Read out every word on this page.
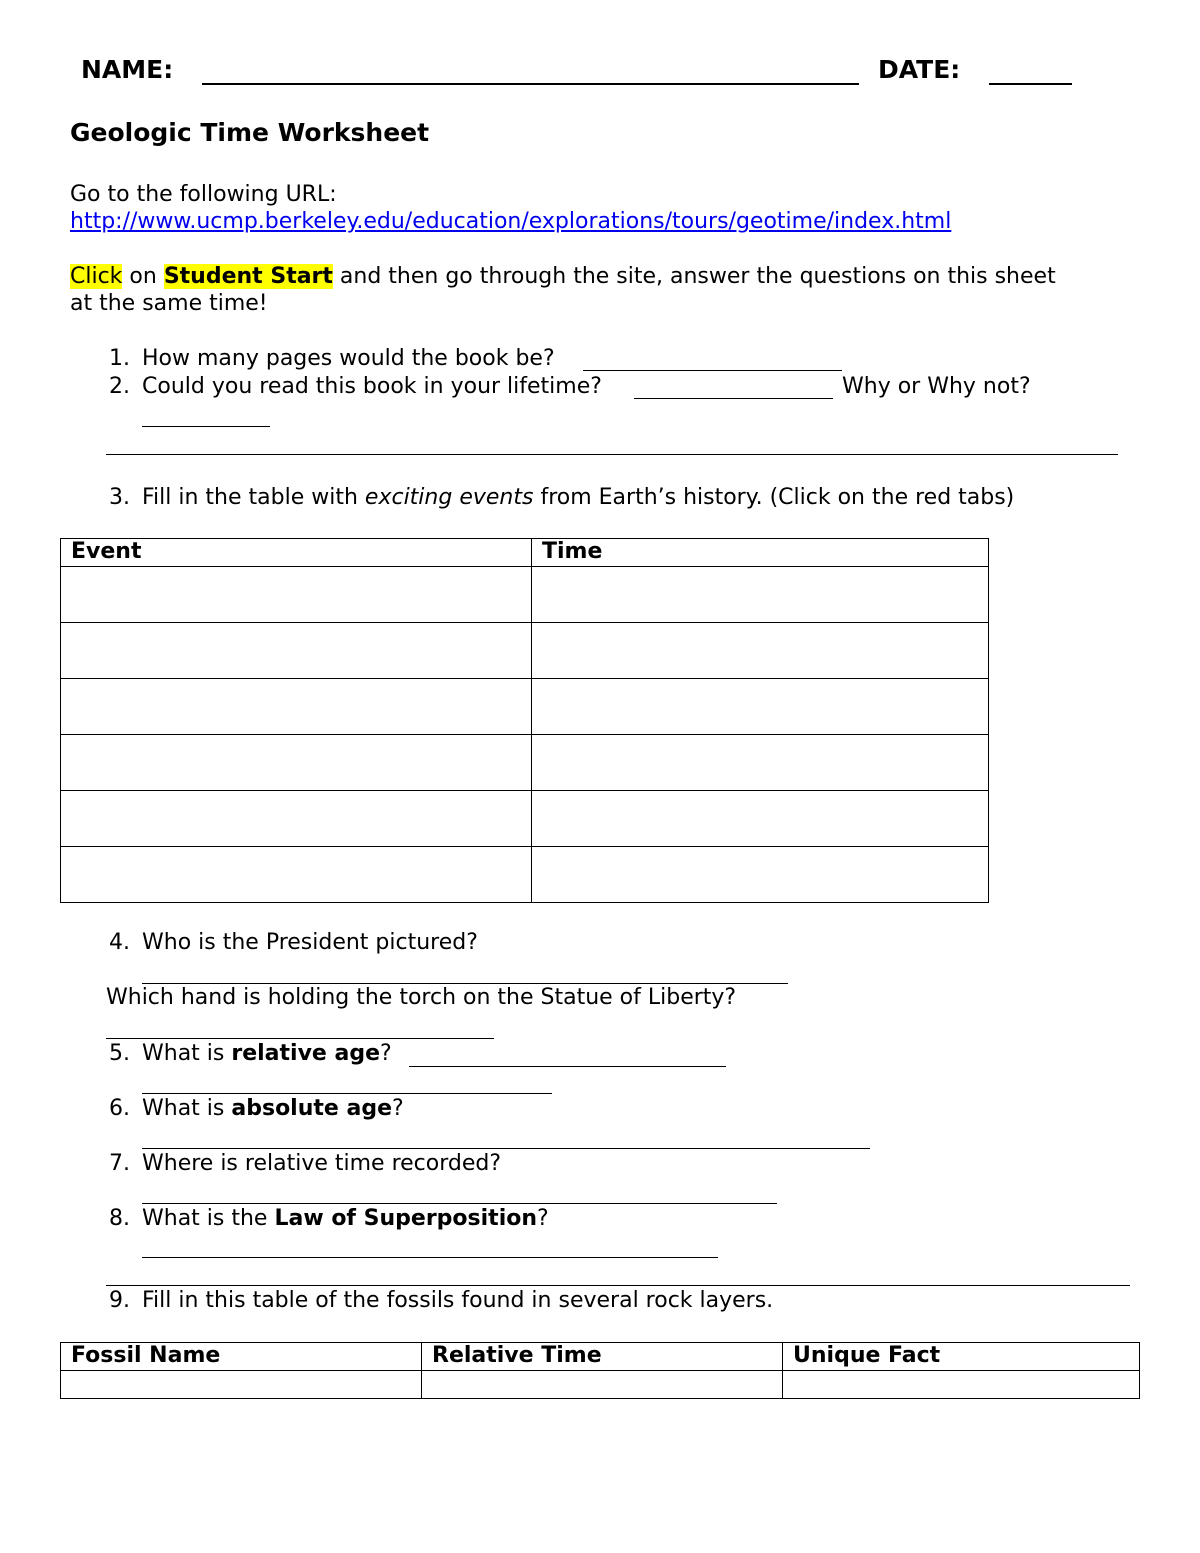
NAME:	DATE:
Geologic Time Worksheet
Go to the following URL:
http://www.ucmp.berkeley.edu/education/explorations/tours/geotime/index.html
Click on Student Start and then go through the site, answer the questions on this sheet
at the same time!
1. How many pages would the book be?
2. Could you read this book in your lifetime?	Why or Why not?
3. Fill in the table with exciting events from Earth’s history. (Click on the red tabs)
Event	Time

4. Who is the President pictured?
Which hand is holding the torch on the Statue of Liberty?
5. What is relative age?
6. What is absolute age?
7. Where is relative time recorded?
8. What is the Law of Superposition?
9. Fill in this table of the fossils found in several rock layers.
Fossil Name	Relative Time	Unique Fact
